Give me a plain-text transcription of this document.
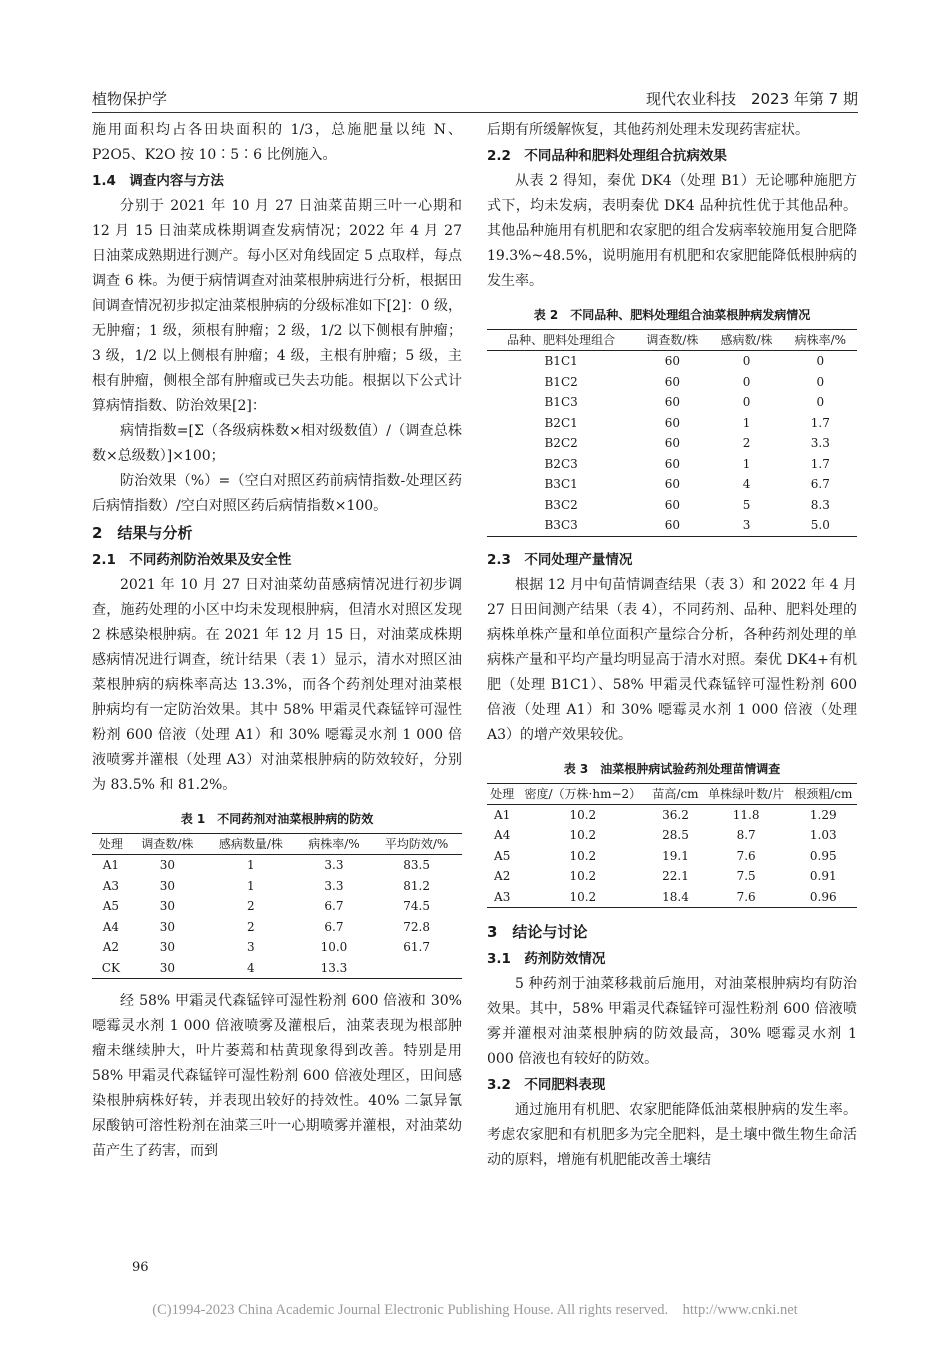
植物保护学	现代农业科技　2023 年第 7 期

施用面积均占各田块面积的 1/3，总施肥量以纯 N、P2O5、K2O 按 10∶5∶6 比例施入。

1.4　调查内容与方法

分别于 2021 年 10 月 27 日油菜苗期三叶一心期和 12 月 15 日油菜成株期调查发病情况；2022 年 4 月 27 日油菜成熟期进行测产。每小区对角线固定 5 点取样，每点调查 6 株。为便于病情调查对油菜根肿病进行分析，根据田间调查情况初步拟定油菜根肿病的分级标准如下[2]：0 级，无肿瘤；1 级，须根有肿瘤；2 级，1/2 以下侧根有肿瘤；3 级，1/2 以上侧根有肿瘤；4 级，主根有肿瘤；5 级，主根有肿瘤，侧根全部有肿瘤或已失去功能。根据以下公式计算病情指数、防治效果[2]：

病情指数=[Σ（各级病株数×相对级数值）/（调查总株数×总级数）]×100；

防治效果（%）=（空白对照区药前病情指数-处理区药后病情指数）/空白对照区药后病情指数×100。

2　结果与分析
2.1　不同药剂防治效果及安全性

2021 年 10 月 27 日对油菜幼苗感病情况进行初步调查，施药处理的小区中均未发现根肿病，但清水对照区发现 2 株感染根肿病。在 2021 年 12 月 15 日，对油菜成株期感病情况进行调查，统计结果（表 1）显示，清水对照区油菜根肿病的病株率高达 13.3%，而各个药剂处理对油菜根肿病均有一定防治效果。其中 58% 甲霜灵代森锰锌可湿性粉剂 600 倍液（处理 A1）和 30% 噁霉灵水剂 1 000 倍液喷雾并灌根（处理 A3）对油菜根肿病的防效较好，分别为 83.5% 和 81.2%。

表 1　不同药剂对油菜根肿病的防效
处理	调查数/株	感病数量/株	病株率/%	平均防效/%
A1	30	1	3.3	83.5
A3	30	1	3.3	81.2
A5	30	2	6.7	74.5
A4	30	2	6.7	72.8
A2	30	3	10.0	61.7
CK	30	4	13.3	

经 58% 甲霜灵代森锰锌可湿性粉剂 600 倍液和 30% 噁霉灵水剂 1 000 倍液喷雾及灌根后，油菜表现为根部肿瘤未继续肿大，叶片萎蔫和枯黄现象得到改善。特别是用 58% 甲霜灵代森锰锌可湿性粉剂 600 倍液处理区，田间感染根肿病株好转，并表现出较好的持效性。40% 二氯异氰尿酸钠可溶性粉剂在油菜三叶一心期喷雾并灌根，对油菜幼苗产生了药害，而到

后期有所缓解恢复，其他药剂处理未发现药害症状。

2.2　不同品种和肥料处理组合抗病效果

从表 2 得知，秦优 DK4（处理 B1）无论哪种施肥方式下，均未发病，表明秦优 DK4 品种抗性优于其他品种。其他品种施用有机肥和农家肥的组合发病率较施用复合肥降 19.3%~48.5%，说明施用有机肥和农家肥能降低根肿病的发生率。

表 2　不同品种、肥料处理组合油菜根肿病发病情况
品种、肥料处理组合	调查数/株	感病数/株	病株率/%
B1C1	60	0	0
B1C2	60	0	0
B1C3	60	0	0
B2C1	60	1	1.7
B2C2	60	2	3.3
B2C3	60	1	1.7
B3C1	60	4	6.7
B3C2	60	5	8.3
B3C3	60	3	5.0
2.3　不同处理产量情况

根据 12 月中旬苗情调查结果（表 3）和 2022 年 4 月 27 日田间测产结果（表 4），不同药剂、品种、肥料处理的病株单株产量和单位面积产量综合分析，各种药剂处理的单病株产量和平均产量均明显高于清水对照。秦优 DK4+有机肥（处理 B1C1）、58% 甲霜灵代森锰锌可湿性粉剂 600 倍液（处理 A1）和 30% 噁霉灵水剂 1 000 倍液（处理 A3）的增产效果较优。

表 3　油菜根肿病试验药剂处理苗情调查
处理	密度/（万株·hm−2）	苗高/cm	单株绿叶数/片	根颈粗/cm
A1	10.2	36.2	11.8	1.29
A4	10.2	28.5	8.7	1.03
A5	10.2	19.1	7.6	0.95
A2	10.2	22.1	7.5	0.91
A3	10.2	18.4	7.6	0.96
3　结论与讨论
3.1　药剂防效情况

5 种药剂于油菜移栽前后施用，对油菜根肿病均有防治效果。其中，58% 甲霜灵代森锰锌可湿性粉剂 600 倍液喷雾并灌根对油菜根肿病的防效最高，30% 噁霉灵水剂 1 000 倍液也有较好的防效。

3.2　不同肥料表现

通过施用有机肥、农家肥能降低油菜根肿病的发生率。考虑农家肥和有机肥多为完全肥料，是土壤中微生物生命活动的原料，增施有机肥能改善土壤结

96
(C)1994-2023 China Academic Journal Electronic Publishing House. All rights reserved.　http://www.cnki.net
